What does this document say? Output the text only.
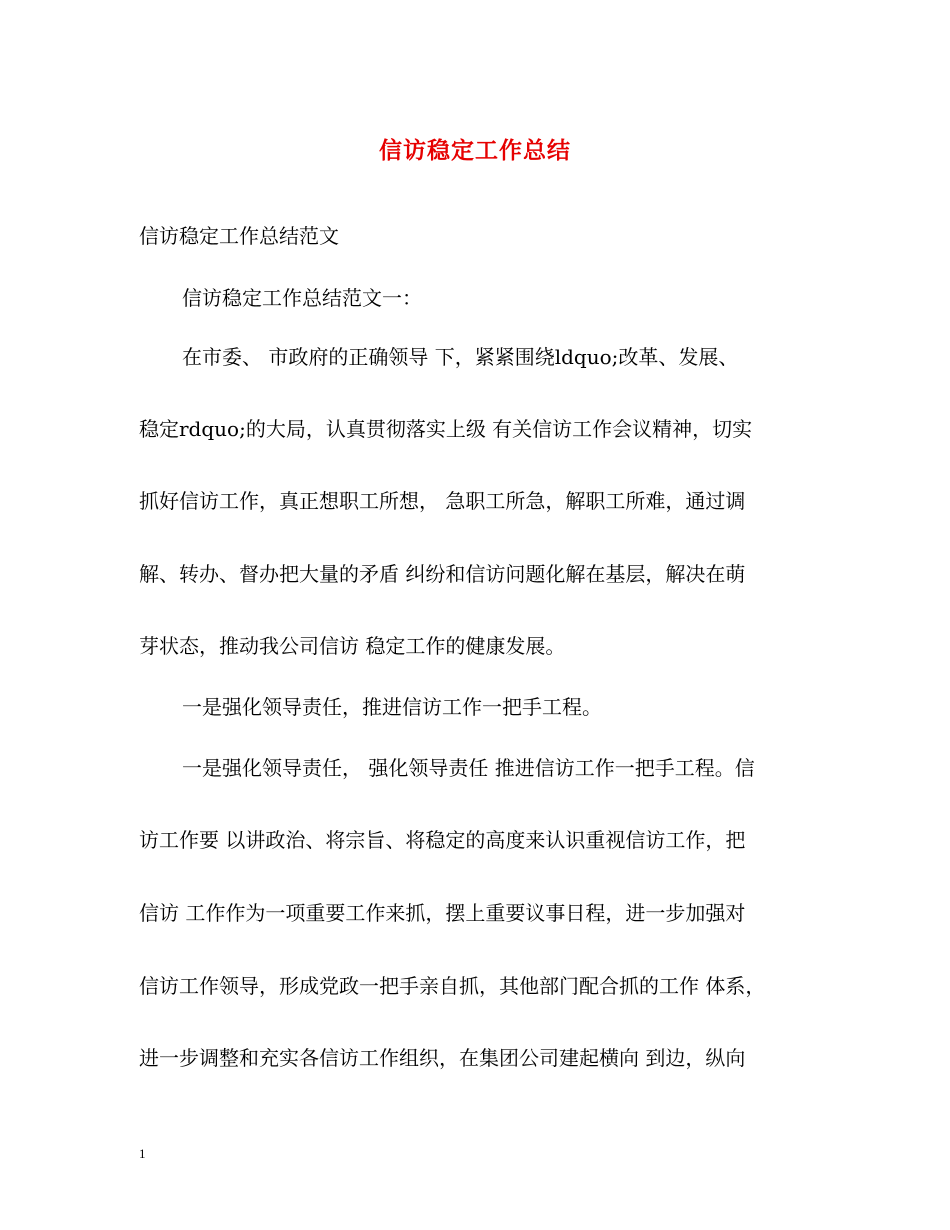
信访稳定工作总结
信访稳定工作总结范文
信访稳定工作总结范文一：
在市委、 市政府的正确领导 下，紧紧围绕ldquo;改革、发展、
稳定rdquo;的大局，认真贯彻落实上级 有关信访工作会议精神，切实
抓好信访工作，真正想职工所想， 急职工所急，解职工所难，通过调
解、转办、督办把大量的矛盾 纠纷和信访问题化解在基层，解决在萌
芽状态，推动我公司信访 稳定工作的健康发展。
一是强化领导责任，推进信访工作一把手工程。
一是强化领导责任， 强化领导责任 推进信访工作一把手工程。信
访工作要 以讲政治、将宗旨、将稳定的高度来认识重视信访工作，把
信访 工作作为一项重要工作来抓，摆上重要议事日程，进一步加强对
信访工作领导，形成党政一把手亲自抓，其他部门配合抓的工作 体系，
进一步调整和充实各信访工作组织，在集团公司建起横向 到边，纵向
1
